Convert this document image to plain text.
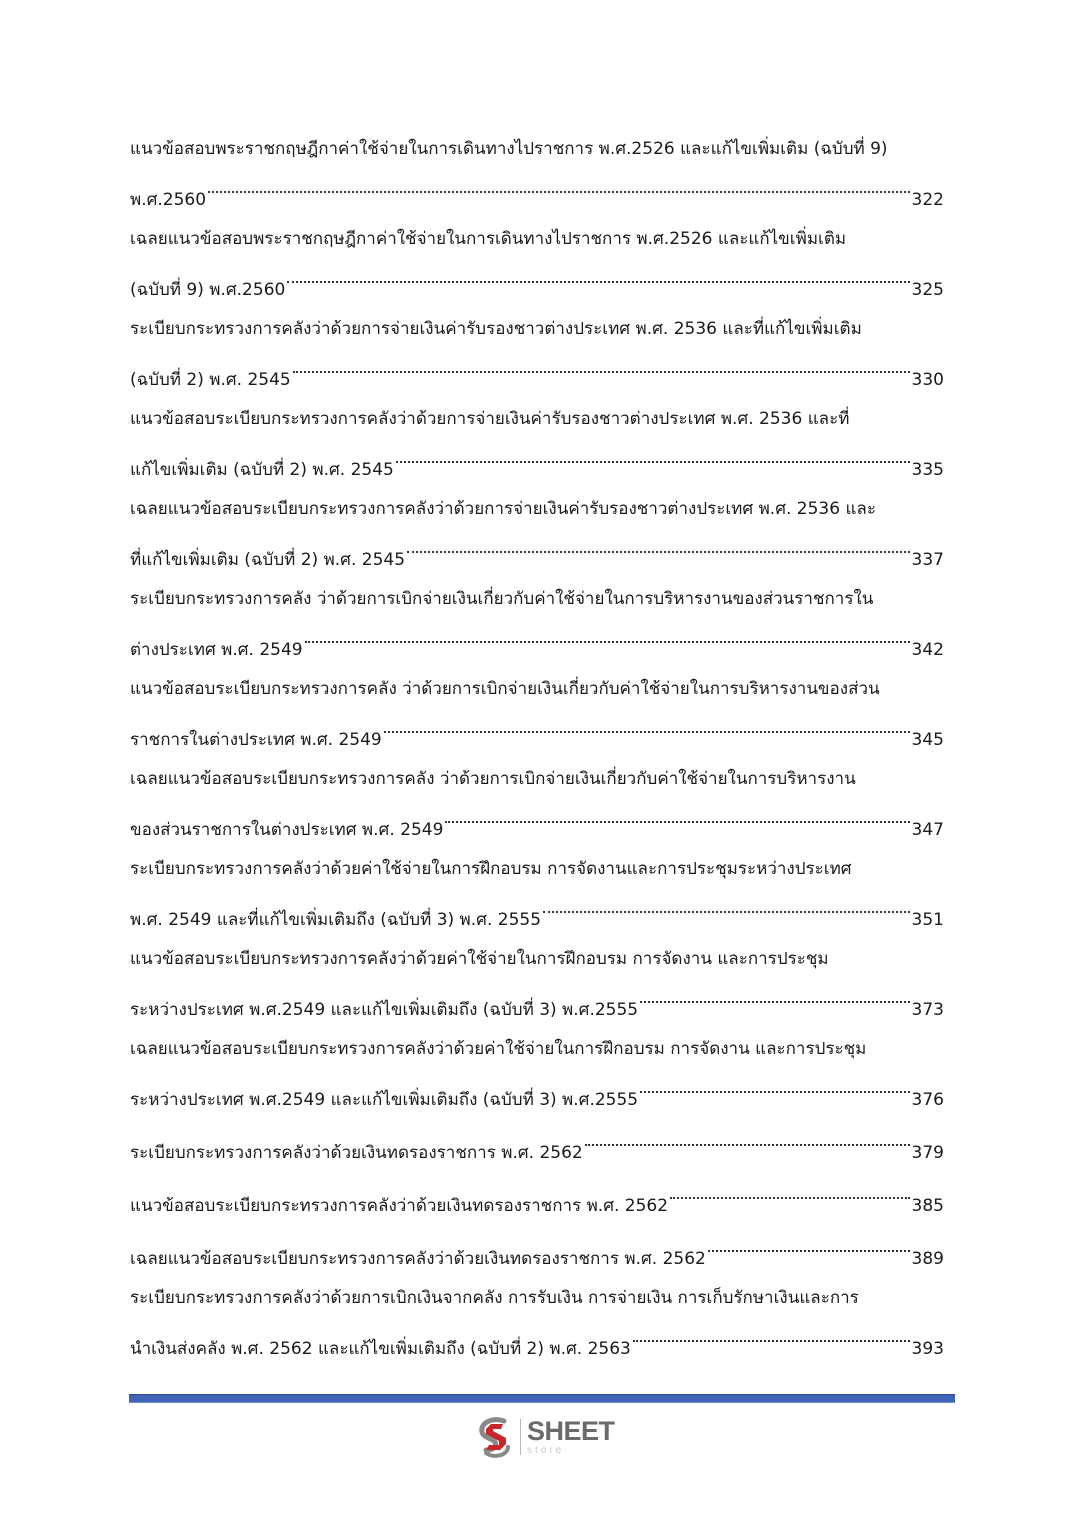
แนวข้อสอบพระราชกฤษฎีกาค่าใช้จ่ายในการเดินทางไปราชการ พ.ศ.2526 และแก้ไขเพิ่มเติม (ฉบับที่ 9)
พ.ศ.2560	322
เฉลยแนวข้อสอบพระราชกฤษฎีกาค่าใช้จ่ายในการเดินทางไปราชการ พ.ศ.2526 และแก้ไขเพิ่มเติม
(ฉบับที่ 9) พ.ศ.2560	325
ระเบียบกระทรวงการคลังว่าด้วยการจ่ายเงินค่ารับรองชาวต่างประเทศ พ.ศ. 2536 และที่แก้ไขเพิ่มเติม
(ฉบับที่ 2) พ.ศ. 2545	330
แนวข้อสอบระเบียบกระทรวงการคลังว่าด้วยการจ่ายเงินค่ารับรองชาวต่างประเทศ พ.ศ. 2536 และที่
แก้ไขเพิ่มเติม (ฉบับที่ 2) พ.ศ. 2545	335
เฉลยแนวข้อสอบระเบียบกระทรวงการคลังว่าด้วยการจ่ายเงินค่ารับรองชาวต่างประเทศ พ.ศ. 2536 และ
ที่แก้ไขเพิ่มเติม (ฉบับที่ 2) พ.ศ. 2545	337
ระเบียบกระทรวงการคลัง ว่าด้วยการเบิกจ่ายเงินเกี่ยวกับค่าใช้จ่ายในการบริหารงานของส่วนราชการใน
ต่างประเทศ พ.ศ. 2549	342
แนวข้อสอบระเบียบกระทรวงการคลัง ว่าด้วยการเบิกจ่ายเงินเกี่ยวกับค่าใช้จ่ายในการบริหารงานของส่วน
ราชการในต่างประเทศ พ.ศ. 2549	345
เฉลยแนวข้อสอบระเบียบกระทรวงการคลัง ว่าด้วยการเบิกจ่ายเงินเกี่ยวกับค่าใช้จ่ายในการบริหารงาน
ของส่วนราชการในต่างประเทศ พ.ศ. 2549	347
ระเบียบกระทรวงการคลังว่าด้วยค่าใช้จ่ายในการฝึกอบรม การจัดงานและการประชุมระหว่างประเทศ
พ.ศ. 2549 และที่แก้ไขเพิ่มเติมถึง (ฉบับที่ 3) พ.ศ. 2555	351
แนวข้อสอบระเบียบกระทรวงการคลังว่าด้วยค่าใช้จ่ายในการฝึกอบรม การจัดงาน และการประชุม
ระหว่างประเทศ พ.ศ.2549 และแก้ไขเพิ่มเติมถึง (ฉบับที่ 3) พ.ศ.2555	373
เฉลยแนวข้อสอบระเบียบกระทรวงการคลังว่าด้วยค่าใช้จ่ายในการฝึกอบรม การจัดงาน และการประชุม
ระหว่างประเทศ พ.ศ.2549 และแก้ไขเพิ่มเติมถึง (ฉบับที่ 3) พ.ศ.2555	376
ระเบียบกระทรวงการคลังว่าด้วยเงินทดรองราชการ พ.ศ. 2562	379
แนวข้อสอบระเบียบกระทรวงการคลังว่าด้วยเงินทดรองราชการ พ.ศ. 2562	385
เฉลยแนวข้อสอบระเบียบกระทรวงการคลังว่าด้วยเงินทดรองราชการ พ.ศ. 2562	389
ระเบียบกระทรวงการคลังว่าด้วยการเบิกเงินจากคลัง การรับเงิน การจ่ายเงิน การเก็บรักษาเงินและการ
นำเงินส่งคลัง พ.ศ. 2562 และแก้ไขเพิ่มเติมถึง (ฉบับที่ 2) พ.ศ. 2563	393
SHEET
store
